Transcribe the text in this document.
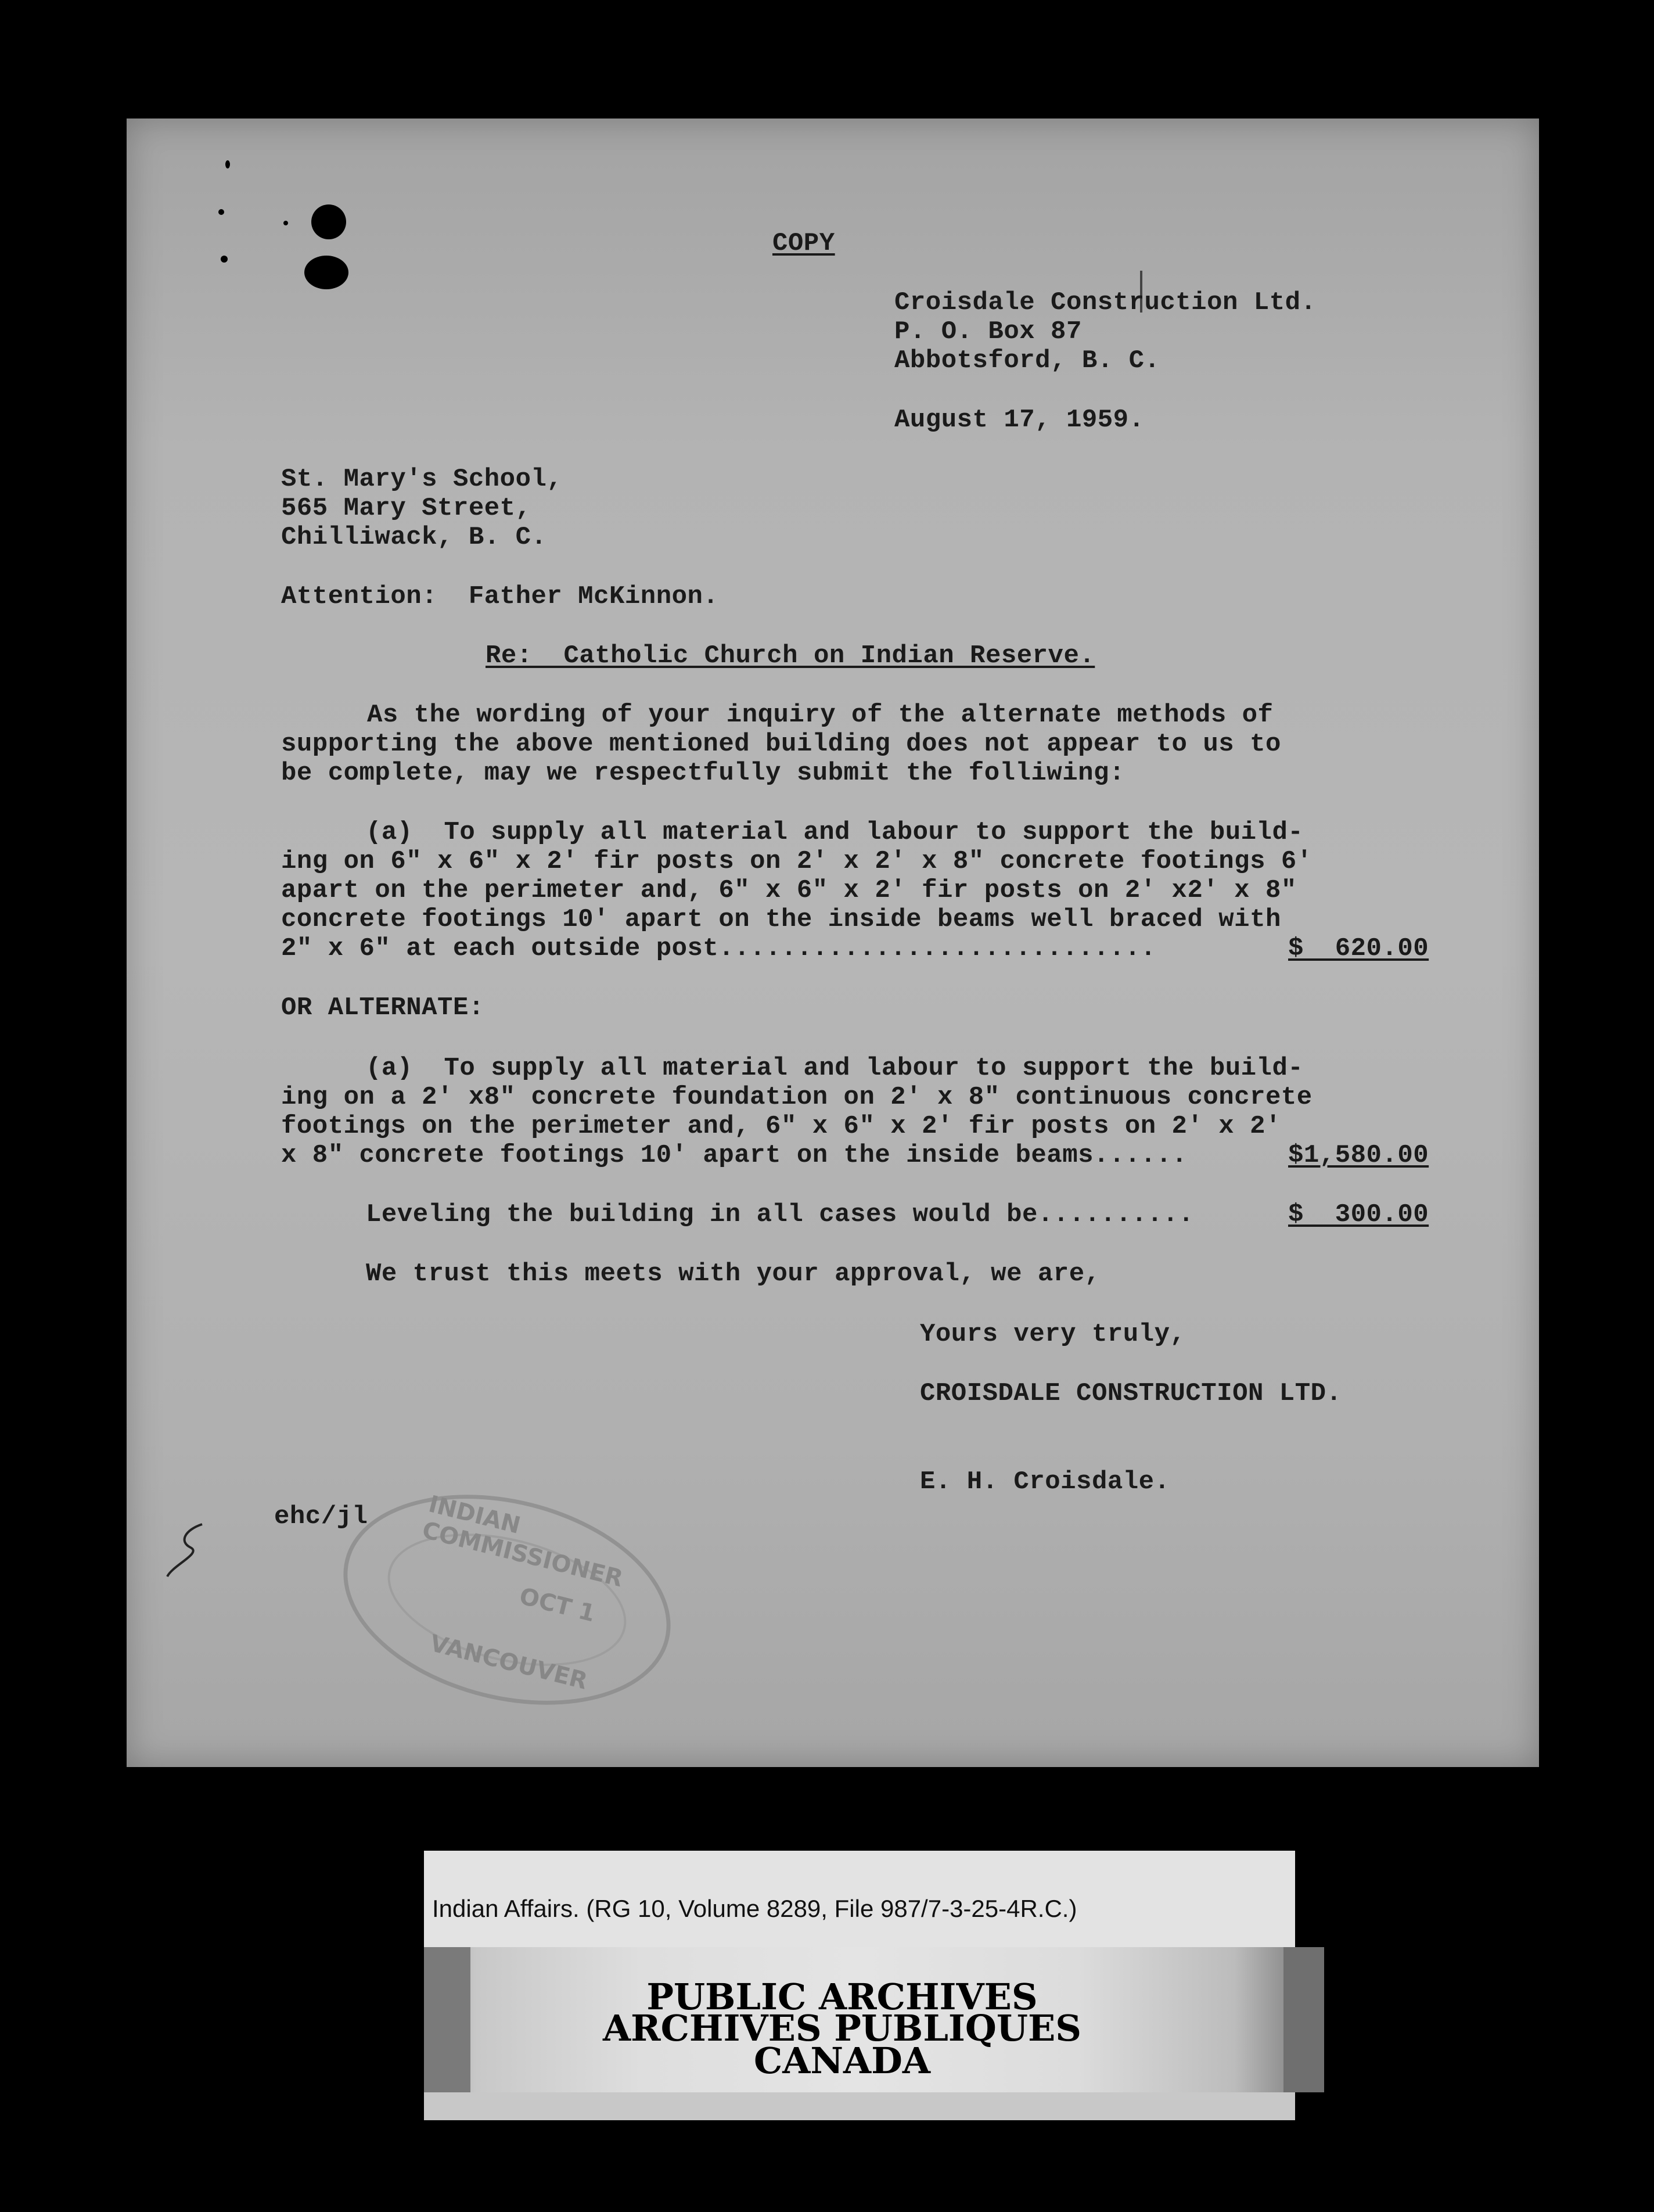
COPY
Croisdale Construction Ltd.
P. O. Box 87
Abbotsford, B. C.
August 17, 1959.
St. Mary's School,
565 Mary Street,
Chilliwack, B. C.
Attention:  Father McKinnon.
Re:  Catholic Church on Indian Reserve.
As the wording of your inquiry of the alternate methods of
supporting the above mentioned building does not appear to us to
be complete, may we respectfully submit the folliwing:
(a)  To supply all material and labour to support the build-
ing on 6" x 6" x 2' fir posts on 2' x 2' x 8" concrete footings 6'
apart on the perimeter and, 6" x 6" x 2' fir posts on 2' x2' x 8"
concrete footings 10' apart on the inside beams well braced with
2" x 6" at each outside post............................	$  620.00
OR ALTERNATE:
(a)  To supply all material and labour to support the build-
ing on a 2' x8" concrete foundation on 2' x 8" continuous concrete
footings on the perimeter and, 6" x 6" x 2' fir posts on 2' x 2'
x 8" concrete footings 10' apart on the inside beams......	$1,580.00
Leveling the building in all cases would be..........	$  300.00
We trust this meets with your approval, we are,
Yours very truly,
CROISDALE CONSTRUCTION LTD.
E. H. Croisdale.
INDIAN COMMISSIONER
OCT 1
VANCOUVER
ehc/jl
Indian Affairs. (RG 10, Volume 8289, File 987/7-3-25-4R.C.)
PUBLIC ARCHIVES
ARCHIVES PUBLIQUES
CANADA
